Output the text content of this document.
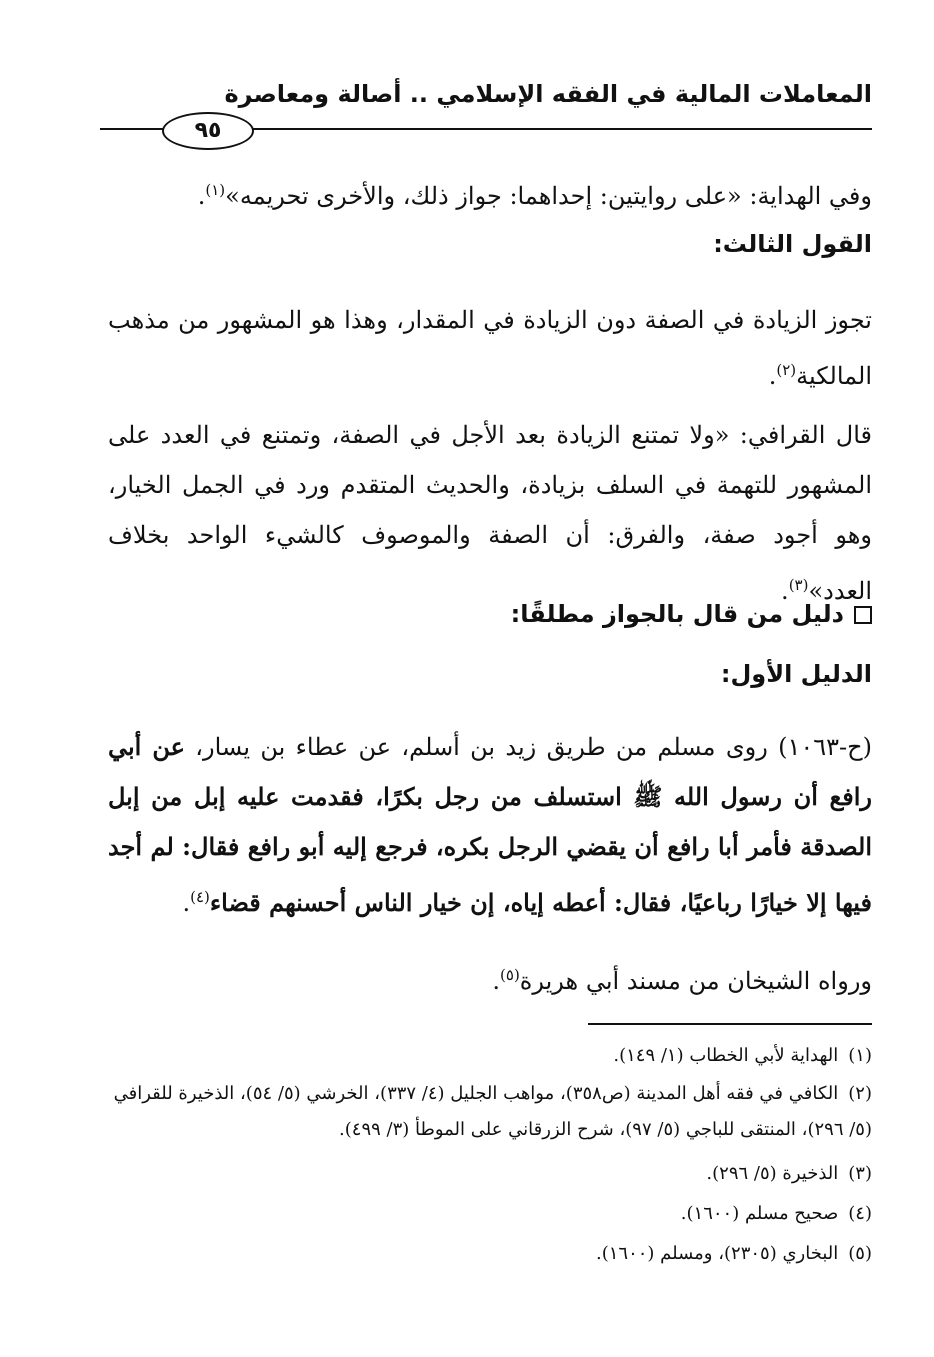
المعاملات المالية في الفقه الإسلامي .. أصالة ومعاصرة
٩٥
وفي الهداية: «على روايتين: إحداهما: جواز ذلك، والأخرى تحريمه»$^{(١)}$.
القول الثالث:
تجوز الزيادة في الصفة دون الزيادة في المقدار، وهذا هو المشهور من مذهب المالكية$^{(٢)}$.
قال القرافي: «ولا تمتنع الزيادة بعد الأجل في الصفة، وتمتنع في العدد على المشهور للتهمة في السلف بزيادة، والحديث المتقدم ورد في الجمل الخيار، وهو أجود صفة، والفرق: أن الصفة والموصوف كالشيء الواحد بخلاف العدد»$^{(٣)}$.
دليل من قال بالجواز مطلقًا:
الدليل الأول:
(ح-١٠٦٣) روى مسلم من طريق زيد بن أسلم، عن عطاء بن يسار، عن أبي رافع أن رسول الله ﷺ استسلف من رجل بكرًا، فقدمت عليه إبل من إبل الصدقة فأمر أبا رافع أن يقضي الرجل بكره، فرجع إليه أبو رافع فقال: لم أجد فيها إلا خيارًا رباعيًا، فقال: أعطه إياه، إن خيار الناس أحسنهم قضاء$^{(٤)}$.
ورواه الشيخان من مسند أبي هريرة$^{(٥)}$.
(١)الهداية لأبي الخطاب (١/ ١٤٩).
(٢)الكافي في فقه أهل المدينة (ص٣٥٨)، مواهب الجليل (٤/ ٣٣٧)، الخرشي (٥/ ٥٤)، الذخيرة للقرافي (٥/ ٢٩٦)، المنتقى للباجي (٥/ ٩٧)، شرح الزرقاني على الموطأ (٣/ ٤٩٩).
(٣)الذخيرة (٥/ ٢٩٦).
(٤)صحيح مسلم (١٦٠٠).
(٥)البخاري (٢٣٠٥)، ومسلم (١٦٠٠).
